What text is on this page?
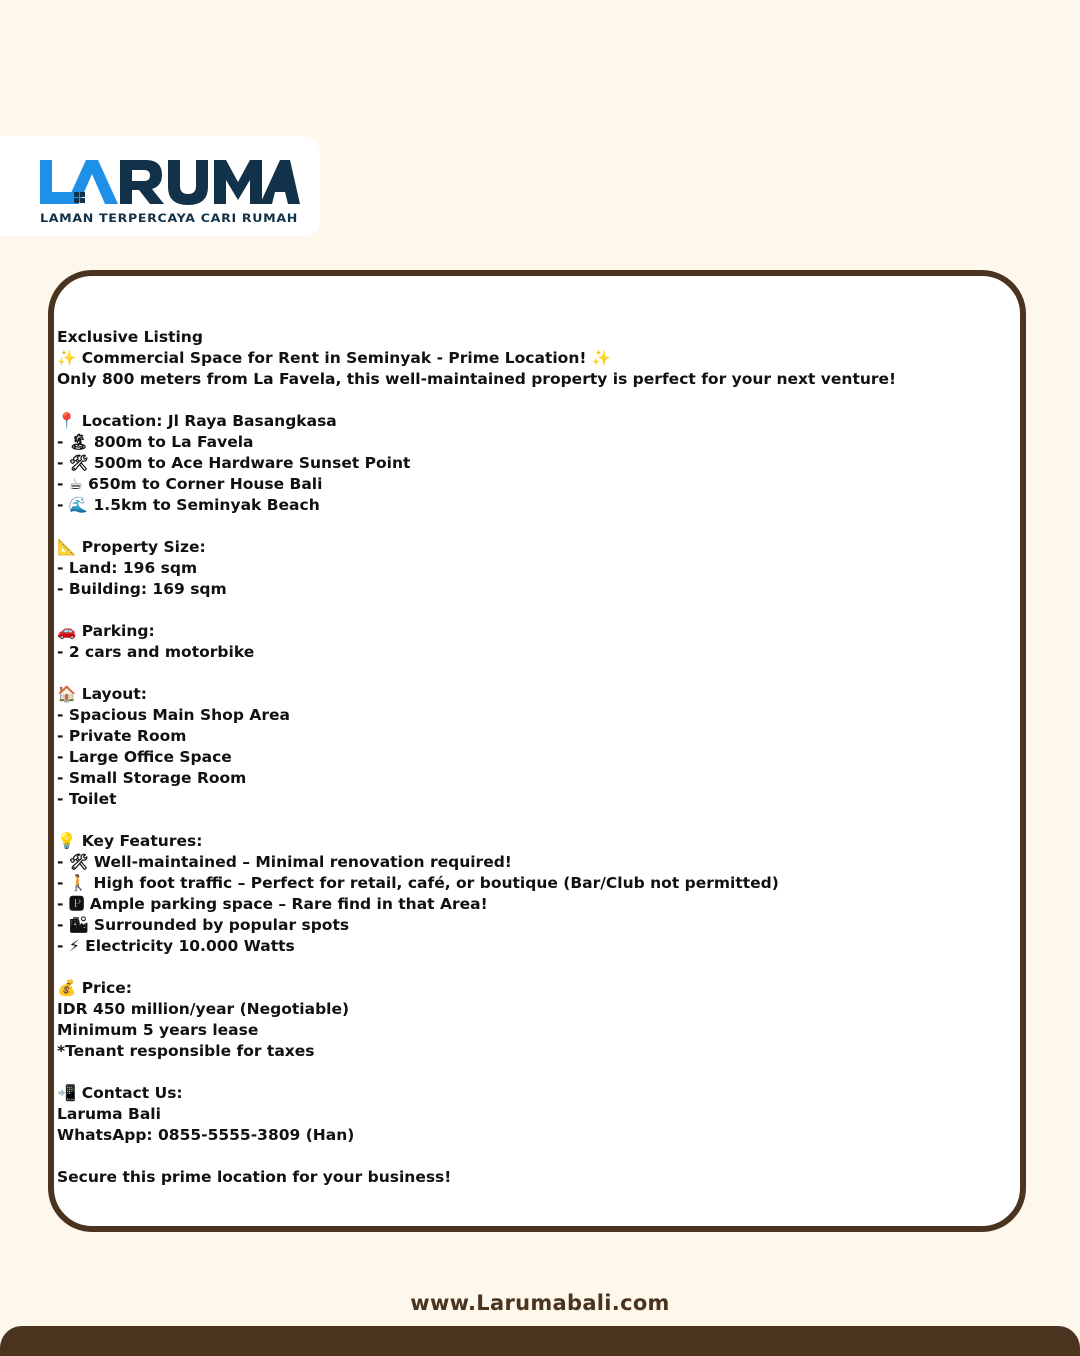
LAMAN TERPERCAYA CARI RUMAH
Exclusive Listing
✨ Commercial Space for Rent in Seminyak - Prime Location! ✨
Only 800 meters from La Favela, this well-maintained property is perfect for your next venture!
📍 Location: Jl Raya Basangkasa
- 🏝 800m to La Favela
- 🛠 500m to Ace Hardware Sunset Point
- ☕ 650m to Corner House Bali
- 🌊 1.5km to Seminyak Beach
📐 Property Size:
- Land: 196 sqm
- Building: 169 sqm
🚗 Parking:
- 2 cars and motorbike
🏠 Layout:
- Spacious Main Shop Area
- Private Room
- Large Office Space
- Small Storage Room
- Toilet
💡 Key Features:
- 🛠 Well-maintained – Minimal renovation required!
- 🚶 High foot traffic – Perfect for retail, café, or boutique (Bar/Club not permitted)
- 🅿 Ample parking space – Rare find in that Area!
- 🏙 Surrounded by popular spots
- ⚡ Electricity 10.000 Watts
💰 Price:
IDR 450 million/year (Negotiable)
Minimum 5 years lease
*Tenant responsible for taxes
📲 Contact Us:
Laruma Bali
WhatsApp: 0855-5555-3809 (Han)
Secure this prime location for your business!
www.Larumabali.com
